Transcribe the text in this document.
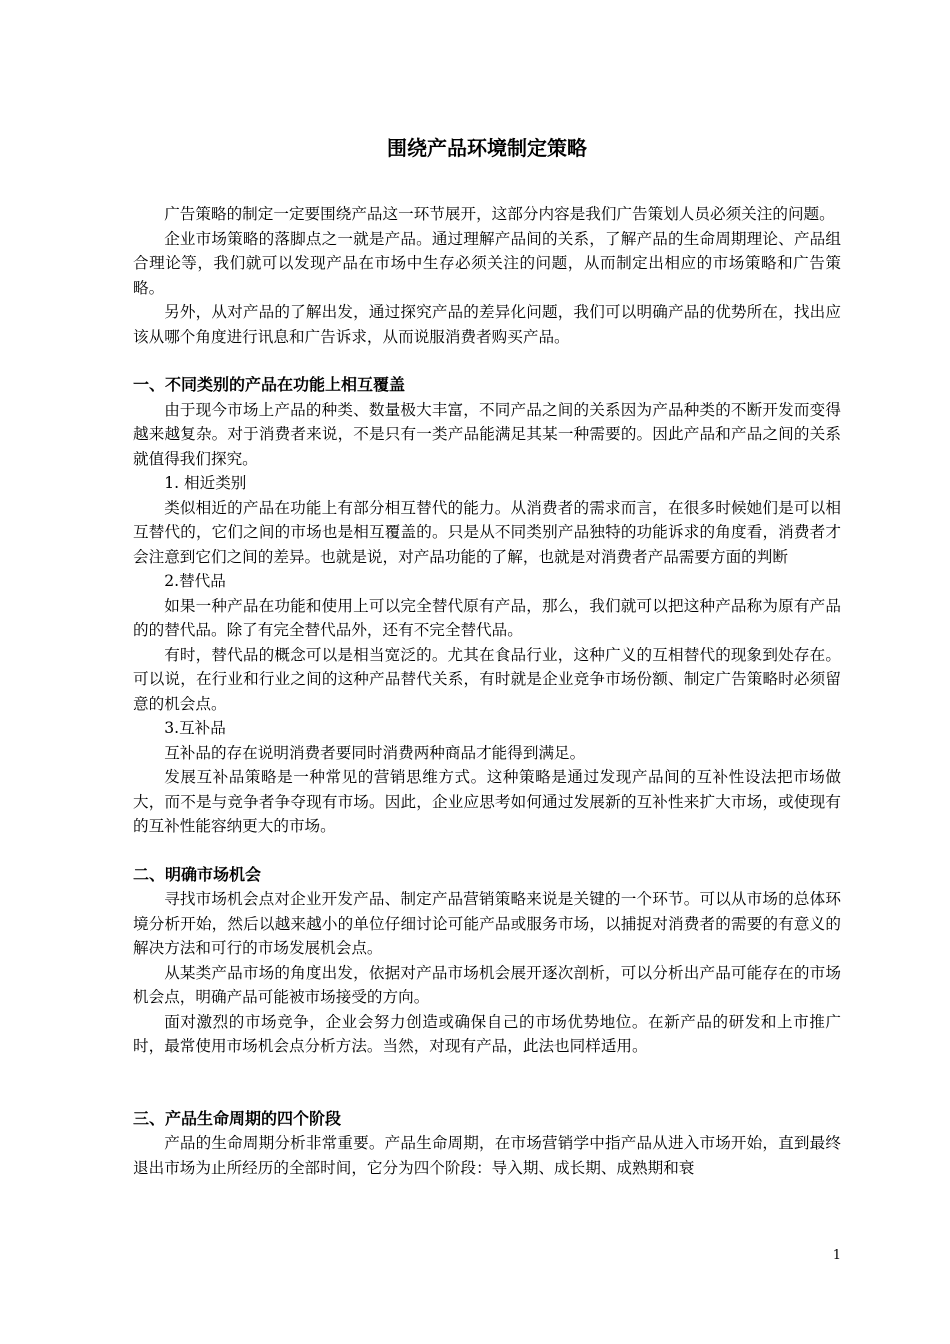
围绕产品环境制定策略

广告策略的制定一定要围绕产品这一环节展开，这部分内容是我们广告策划人员必须关注的问题。

企业市场策略的落脚点之一就是产品。通过理解产品间的关系，了解产品的生命周期理论、产品组合理论等，我们就可以发现产品在市场中生存必须关注的问题，从而制定出相应的市场策略和广告策略。

另外，从对产品的了解出发，通过探究产品的差异化问题，我们可以明确产品的优势所在，找出应该从哪个角度进行讯息和广告诉求，从而说服消费者购买产品。

一、不同类别的产品在功能上相互覆盖

由于现今市场上产品的种类、数量极大丰富，不同产品之间的关系因为产品种类的不断开发而变得越来越复杂。对于消费者来说，不是只有一类产品能满足其某一种需要的。因此产品和产品之间的关系就值得我们探究。

1. 相近类别

类似相近的产品在功能上有部分相互替代的能力。从消费者的需求而言，在很多时候她们是可以相互替代的，它们之间的市场也是相互覆盖的。只是从不同类别产品独特的功能诉求的角度看，消费者才会注意到它们之间的差异。也就是说，对产品功能的了解，也就是对消费者产品需要方面的判断

2.替代品

如果一种产品在功能和使用上可以完全替代原有产品，那么，我们就可以把这种产品称为原有产品的的替代品。除了有完全替代品外，还有不完全替代品。

有时，替代品的概念可以是相当宽泛的。尤其在食品行业，这种广义的互相替代的现象到处存在。可以说，在行业和行业之间的这种产品替代关系，有时就是企业竞争市场份额、制定广告策略时必须留意的机会点。

3.互补品

互补品的存在说明消费者要同时消费两种商品才能得到满足。

发展互补品策略是一种常见的营销思维方式。这种策略是通过发现产品间的互补性设法把市场做大，而不是与竞争者争夺现有市场。因此，企业应思考如何通过发展新的互补性来扩大市场，或使现有的互补性能容纳更大的市场。

二、明确市场机会

寻找市场机会点对企业开发产品、制定产品营销策略来说是关键的一个环节。可以从市场的总体环境分析开始，然后以越来越小的单位仔细讨论可能产品或服务市场，以捕捉对消费者的需要的有意义的解决方法和可行的市场发展机会点。

从某类产品市场的角度出发，依据对产品市场机会展开逐次剖析，可以分析出产品可能存在的市场机会点，明确产品可能被市场接受的方向。

面对激烈的市场竞争，企业会努力创造或确保自己的市场优势地位。在新产品的研发和上市推广时，最常使用市场机会点分析方法。当然，对现有产品，此法也同样适用。

三、产品生命周期的四个阶段

产品的生命周期分析非常重要。产品生命周期，在市场营销学中指产品从进入市场开始，直到最终退出市场为止所经历的全部时间，它分为四个阶段：导入期、成长期、成熟期和衰

1
